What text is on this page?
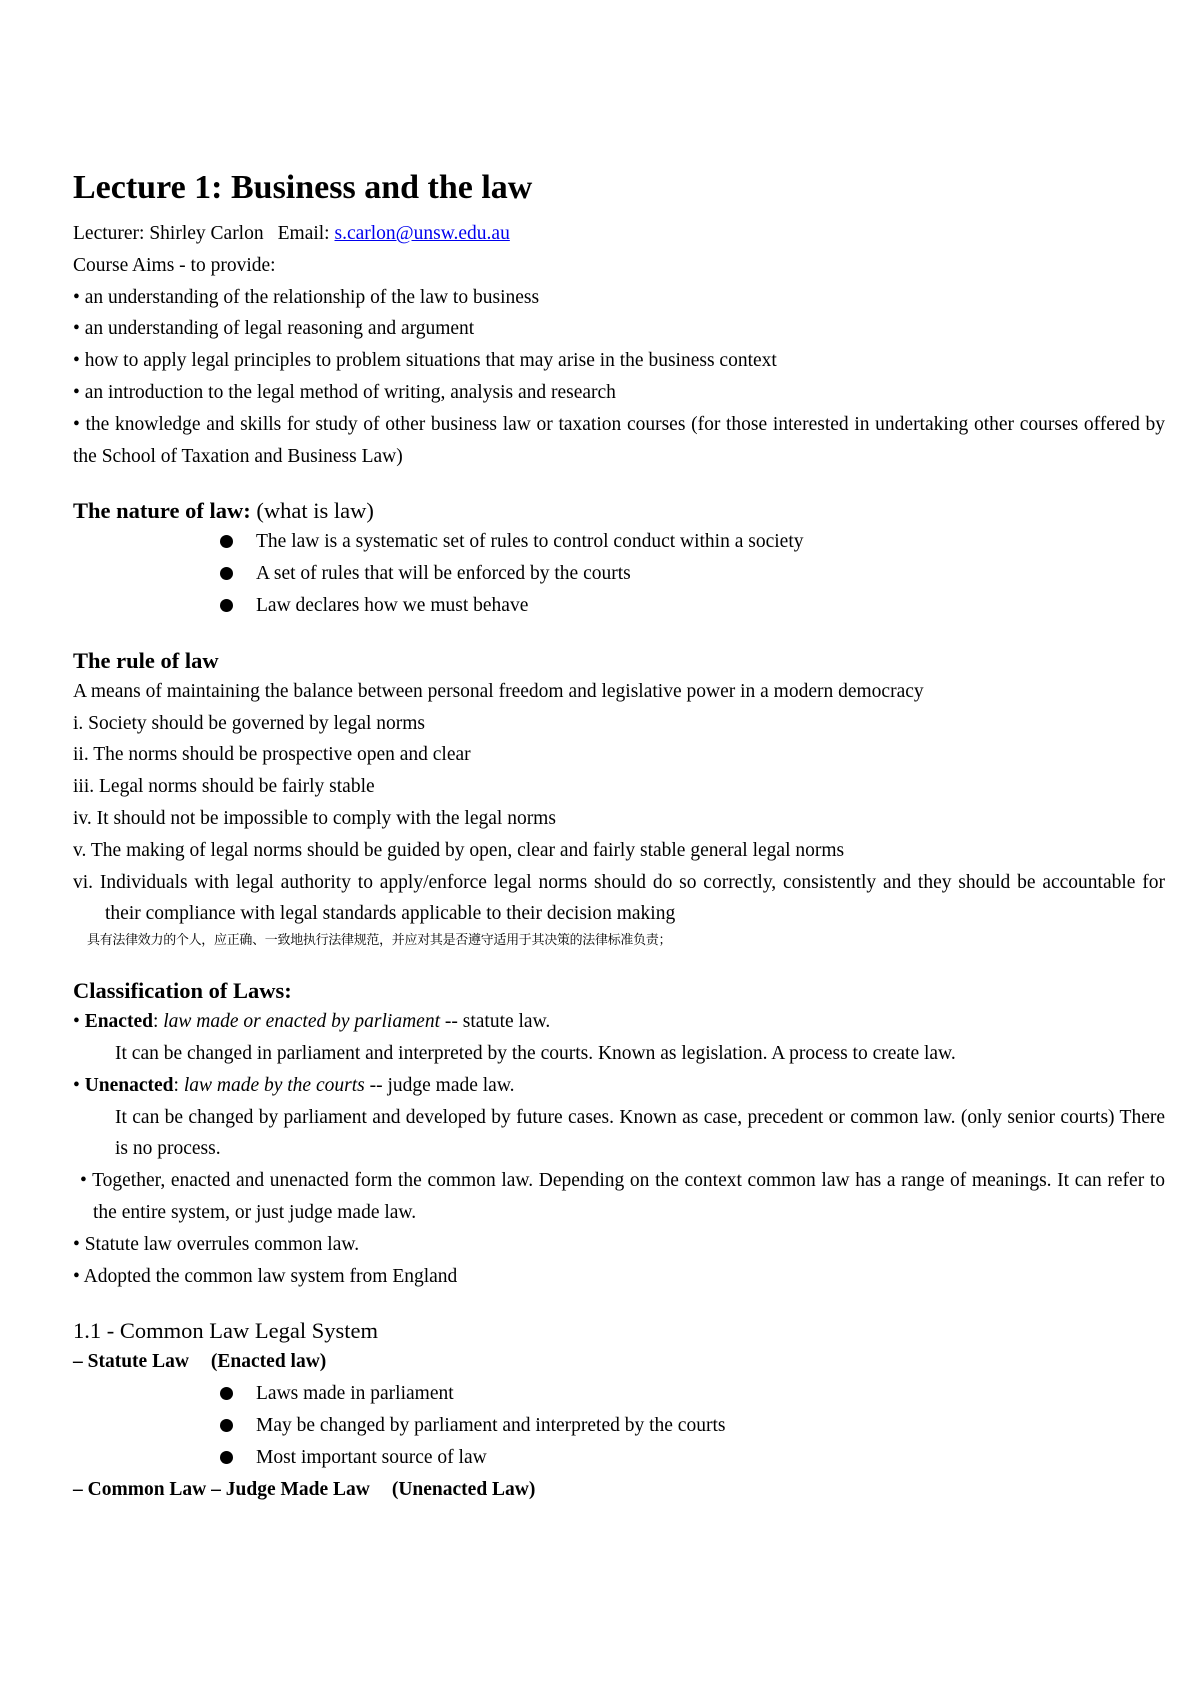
Lecture 1: Business and the law

Lecturer: Shirley Carlon Email: s.carlon@unsw.edu.au

Course Aims - to provide:

• an understanding of the relationship of the law to business

• an understanding of legal reasoning and argument

• how to apply legal principles to problem situations that may arise in the business context

• an introduction to the legal method of writing, analysis and research

• the knowledge and skills for study of other business law or taxation courses (for those interested in undertaking other courses offered by the School of Taxation and Business Law)

The nature of law: (what is law)
The law is a systematic set of rules to control conduct within a society
A set of rules that will be enforced by the courts
Law declares how we must behave
The rule of law

A means of maintaining the balance between personal freedom and legislative power in a modern democracy

i. Society should be governed by legal norms

ii. The norms should be prospective open and clear

iii. Legal norms should be fairly stable

iv. It should not be impossible to comply with the legal norms

v. The making of legal norms should be guided by open, clear and fairly stable general legal norms

vi. Individuals with legal authority to apply/enforce legal norms should do so correctly, consistently and they should be accountable for their compliance with legal standards applicable to their decision making

具有法律效力的个人，应正确、一致地执行法律规范，并应对其是否遵守适用于其决策的法律标准负责；

Classification of Laws:

• Enacted: law made or enacted by parliament -- statute law.

It can be changed in parliament and interpreted by the courts. Known as legislation. A process to create law.

• Unenacted: law made by the courts -- judge made law.

It can be changed by parliament and developed by future cases. Known as case, precedent or common law. (only senior courts) There is no process.

• Together, enacted and unenacted form the common law. Depending on the context common law has a range of meanings. It can refer to the entire system, or just judge made law.

• Statute law overrules common law.

• Adopted the common law system from England

1.1 - Common Law Legal System

– Statute Law (Enacted law)

Laws made in parliament
May be changed by parliament and interpreted by the courts
Most important source of law

– Common Law – Judge Made Law (Unenacted Law)
